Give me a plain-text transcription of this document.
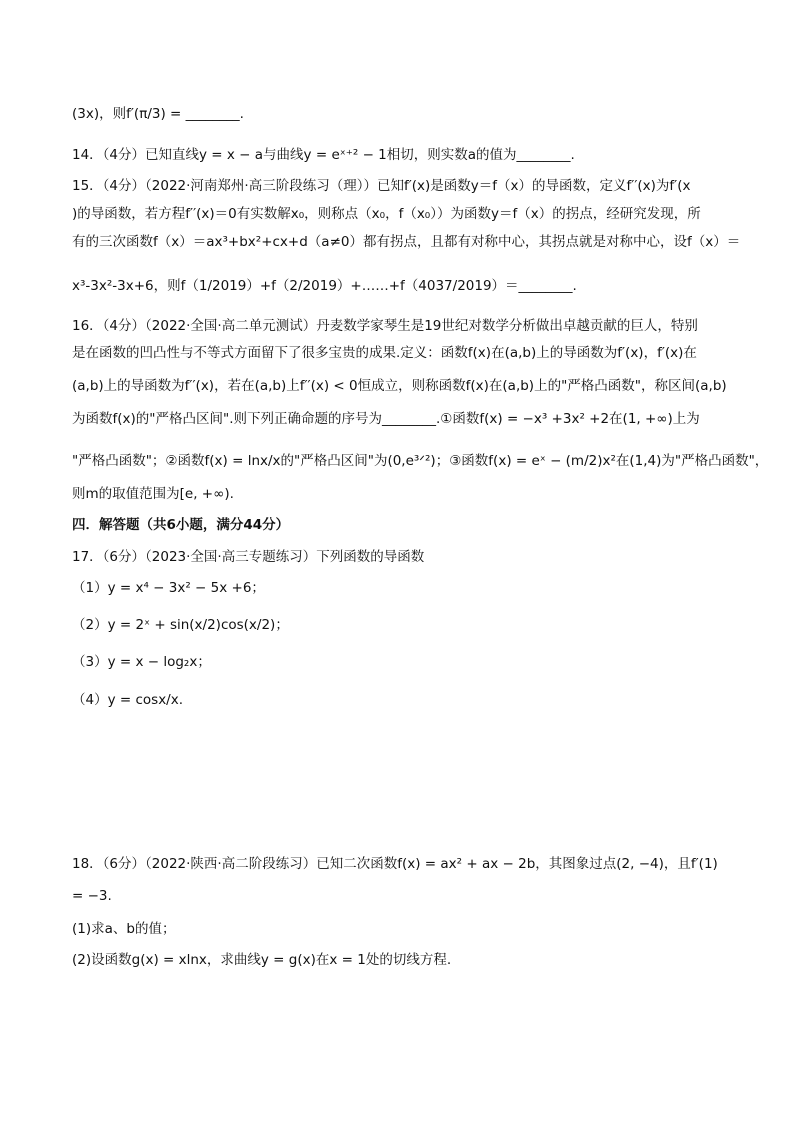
(3x)，则f′(π/3) = ________.
14．（4分）已知直线y = x − a与曲线y = eˣ⁺² − 1相切，则实数a的值为________.
15．（4分）（2022·河南郑州·高三阶段练习（理））已知f′(x)是函数y＝f（x）的导函数，定义f′′(x)为f′(x
)的导函数，若方程f′′(x)＝0有实数解x₀，则称点（x₀，f（x₀））为函数y＝f（x）的拐点，经研究发现，所
有的三次函数f（x）＝ax³+bx²+cx+d（a≠0）都有拐点，且都有对称中心，其拐点就是对称中心，设f（x）＝
x³-3x²-3x+6，则f（1/2019）+f（2/2019）+……+f（4037/2019）＝________.
16．（4分）（2022·全国·高二单元测试）丹麦数学家琴生是19世纪对数学分析做出卓越贡献的巨人，特别
是在函数的凹凸性与不等式方面留下了很多宝贵的成果.定义：函数f(x)在(a,b)上的导函数为f′(x)，f′(x)在
(a,b)上的导函数为f′′(x)，若在(a,b)上f′′(x) < 0恒成立，则称函数f(x)在(a,b)上的"严格凸函数"，称区间(a,b)
为函数f(x)的"严格凸区间".则下列正确命题的序号为________.①函数f(x) = −x³ +3x² +2在(1, +∞)上为
"严格凸函数"；②函数f(x) = lnx/x的"严格凸区间"为(0,e³ᐟ²)；③函数f(x) = eˣ − (m/2)x²在(1,4)为"严格凸函数"，
则m的取值范围为[e, +∞).
四．解答题（共6小题，满分44分）
17．（6分）（2023·全国·高三专题练习）下列函数的导函数
（1）y = x⁴ − 3x² − 5x +6；
（2）y = 2ˣ + sin(x/2)cos(x/2)；
（3）y = x − log₂x；
（4）y = cosx/x.
18．（6分）（2022·陕西·高二阶段练习）已知二次函数f(x) = ax² + ax − 2b，其图象过点(2, −4)，且f′(1)
= −3.
(1)求a、b的值；
(2)设函数g(x) = xlnx，求曲线y = g(x)在x = 1处的切线方程.
